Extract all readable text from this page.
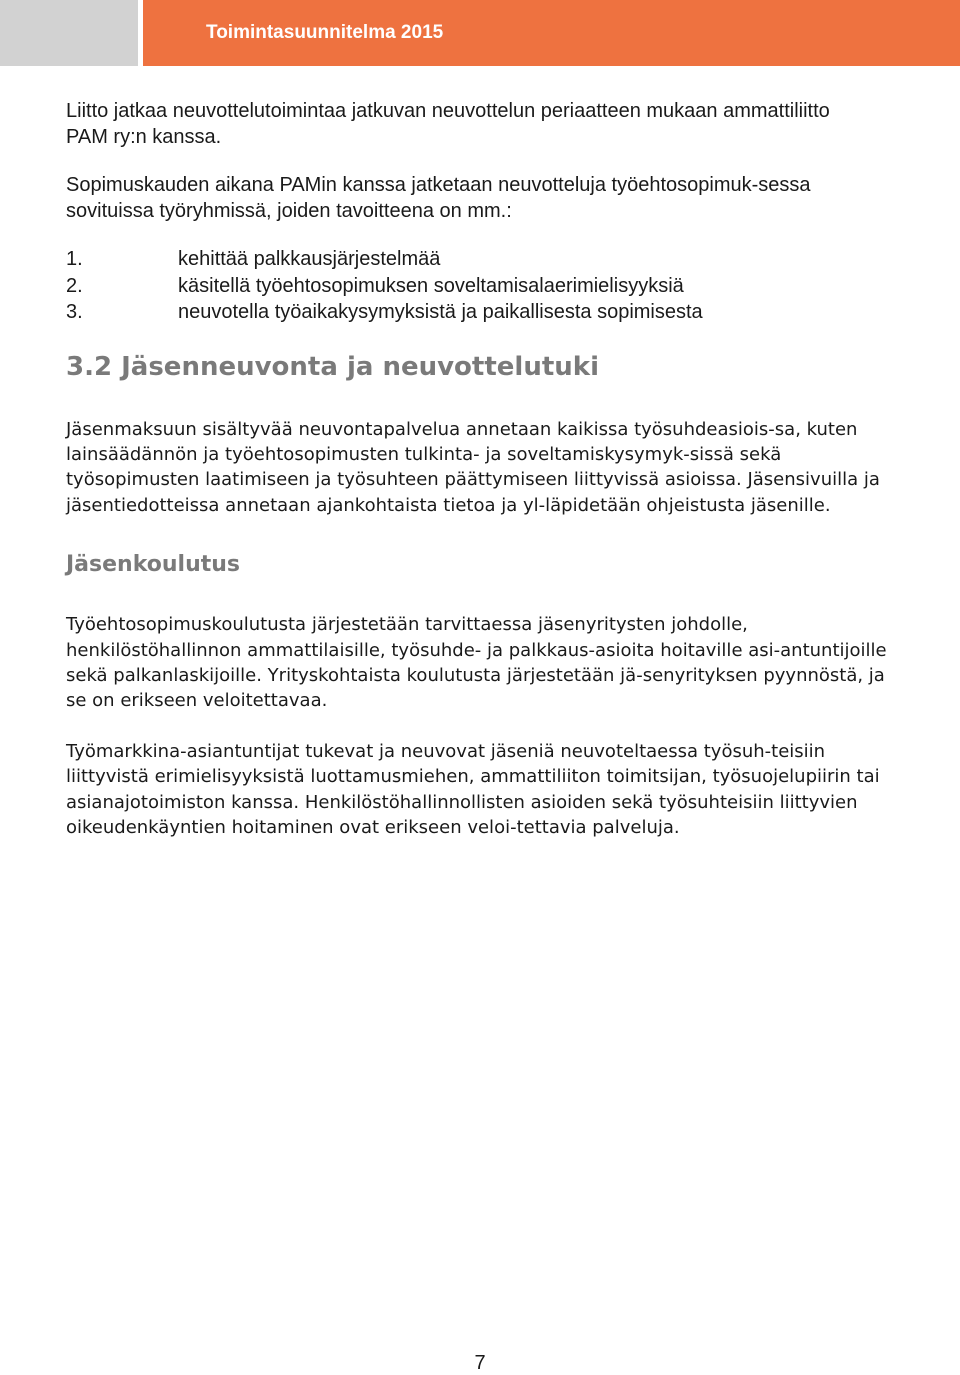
Toimintasuunnitelma 2015

Liitto jatkaa neuvottelutoimintaa jatkuvan neuvottelun periaatteen mukaan ammattiliitto PAM ry:n kanssa.

Sopimuskauden aikana PAMin kanssa jatketaan neuvotteluja työehtosopimuk-sessa sovituissa työryhmissä, joiden tavoitteena on mm.:

1.	kehittää palkkausjärjestelmää
2.	käsitellä työehtosopimuksen soveltamisalaerimielisyyksiä
3.	neuvotella työaikakysymyksistä ja paikallisesta sopimisesta
3.2 Jäsenneuvonta ja neuvottelutuki

Jäsenmaksuun sisältyvää neuvontapalvelua annetaan kaikissa työsuhdeasiois-sa, kuten lainsäädännön ja työehtosopimusten tulkinta- ja soveltamiskysymyk-sissä sekä työsopimusten laatimiseen ja työsuhteen päättymiseen liittyvissä asioissa. Jäsensivuilla ja jäsentiedotteissa annetaan ajankohtaista tietoa ja yl-läpidetään ohjeistusta jäsenille.

Jäsenkoulutus

Työehtosopimuskoulutusta järjestetään tarvittaessa jäsenyritysten johdolle, henkilöstöhallinnon ammattilaisille, työsuhde- ja palkkaus-asioita hoitaville asi-antuntijoille sekä palkanlaskijoille. Yrityskohtaista koulutusta järjestetään jä-senyrityksen pyynnöstä, ja se on erikseen veloitettavaa.

Työmarkkina-asiantuntijat tukevat ja neuvovat jäseniä neuvoteltaessa työsuh-teisiin liittyvistä erimielisyyksistä luottamusmiehen, ammattiliiton toimitsijan, työsuojelupiirin tai asianajotoimiston kanssa. Henkilöstöhallinnollisten asioiden sekä työsuhteisiin liittyvien oikeudenkäyntien hoitaminen ovat erikseen veloi-tettavia palveluja.

7
